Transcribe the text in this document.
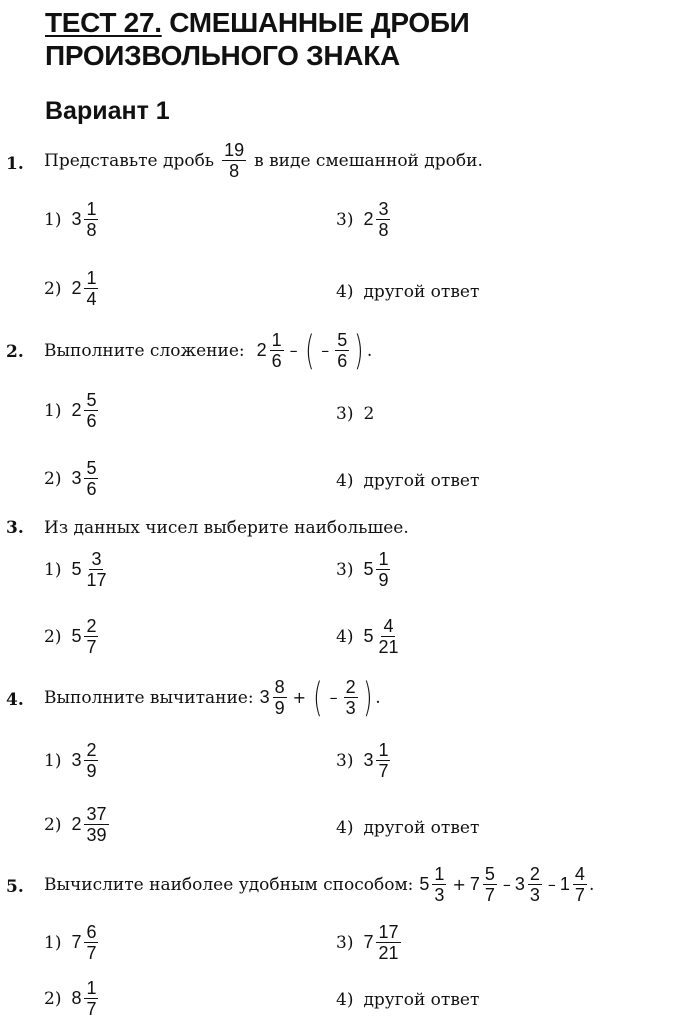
ТЕСТ 27. СМЕШАННЫЕ ДРОБИ
ПРОИЗВОЛЬНОГО ЗНАКА
Вариант 1
1. Представьте дробь $\frac{19}{8}$ в виде смешанной дроби.
1) $3 \frac{1}{8}$	3) $2 \frac{3}{8}$
2) $2 \frac{1}{4}$	4) другой ответ
2. Выполните сложение: $2 \frac{1}{6}$ – ( – $\frac{5}{6}$ ) .
1) $2 \frac{5}{6}$	3) 2
2) $3 \frac{5}{6}$	4) другой ответ
3. Из данных чисел выберите наибольшее.
1) $5 \frac{3}{17}$	3) $5 \frac{1}{9}$
2) $5 \frac{2}{7}$	4) $5 \frac{4}{21}$
4. Выполните вычитание: $3 \frac{8}{9}$ + ( – $\frac{2}{3}$ ) .
1) $3 \frac{2}{9}$	3) $3 \frac{1}{7}$
2) $2 \frac{37}{39}$	4) другой ответ
5. Вычислите наиболее удобным способом: $5 \frac{1}{3} + 7 \frac{5}{7} - 3 \frac{2}{3} - 1 \frac{4}{7}$ .
1) $7 \frac{6}{7}$	3) $7 \frac{17}{21}$
2) $8 \frac{1}{7}$	4) другой ответ
